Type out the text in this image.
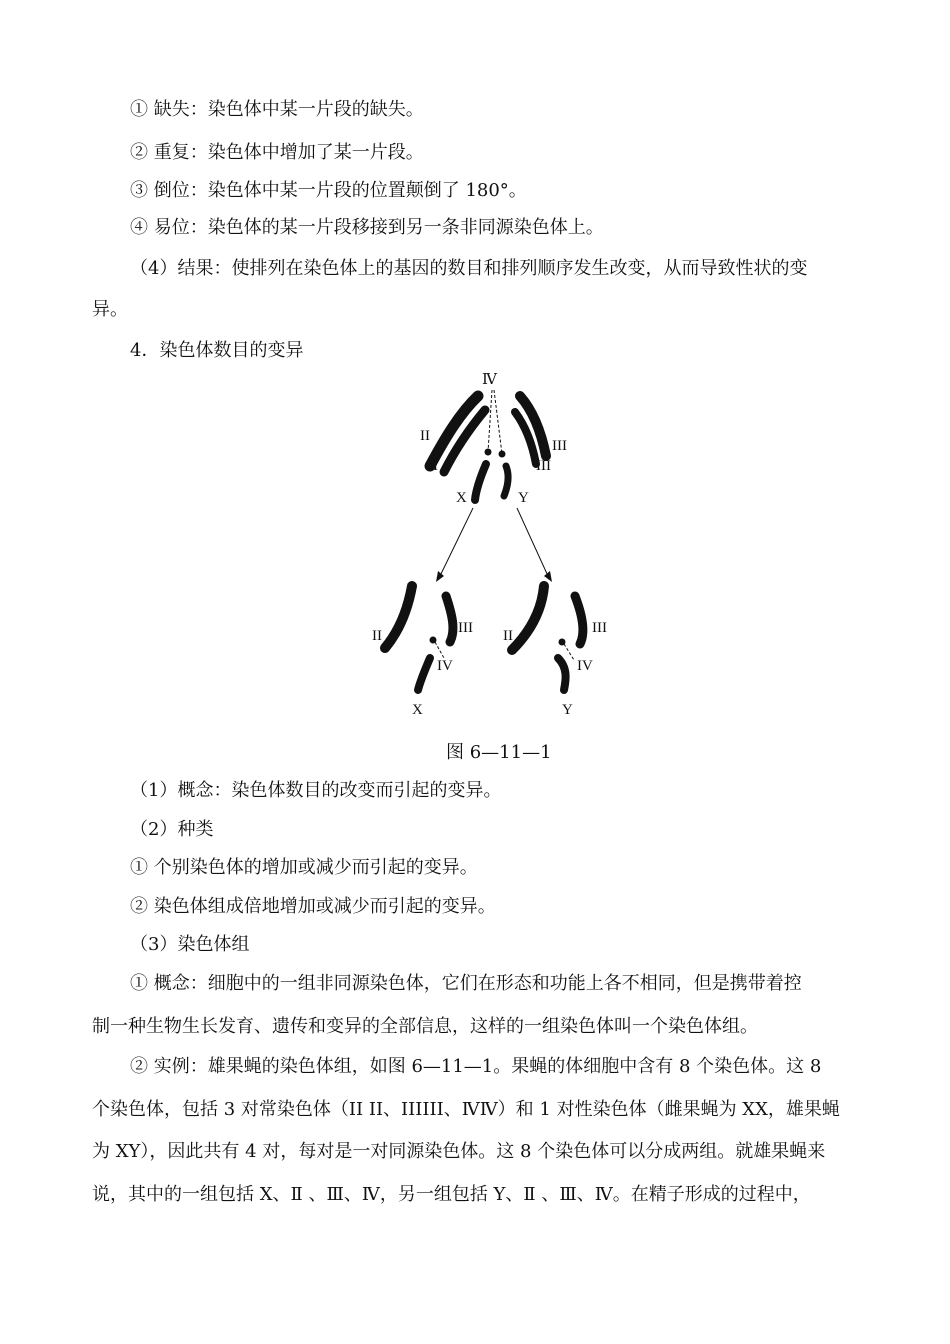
① 缺失：染色体中某一片段的缺失。
② 重复：染色体中增加了某一片段。
③ 倒位：染色体中某一片段的位置颠倒了 180°。
④ 易位：染色体的某一片段移接到另一条非同源染色体上。
（4）结果：使排列在染色体上的基因的数目和排列顺序发生改变，从而导致性状的变
异。
4．染色体数目的变异
Ⅳ
II
II
III
III
X	Y
II	III
IV
X
II	III
IV
Y
图 6—11—1
（1）概念：染色体数目的改变而引起的变异。
（2）种类
① 个别染色体的增加或减少而引起的变异。
② 染色体组成倍地增加或减少而引起的变异。
（3）染色体组
① 概念：细胞中的一组非同源染色体，它们在形态和功能上各不相同，但是携带着控
制一种生物生长发育、遗传和变异的全部信息，这样的一组染色体叫一个染色体组。
② 实例：雄果蝇的染色体组，如图 6—11—1。果蝇的体细胞中含有 8 个染色体。这 8
个染色体，包括 3 对常染色体（II II、IIIIII、ⅣⅣ）和 1 对性染色体（雌果蝇为 XX，雄果蝇
为 XY），因此共有 4 对，每对是一对同源染色体。这 8 个染色体可以分成两组。就雄果蝇来
说，其中的一组包括 X、Ⅱ 、Ⅲ、Ⅳ，另一组包括 Y、Ⅱ 、Ⅲ、Ⅳ。在精子形成的过程中，
